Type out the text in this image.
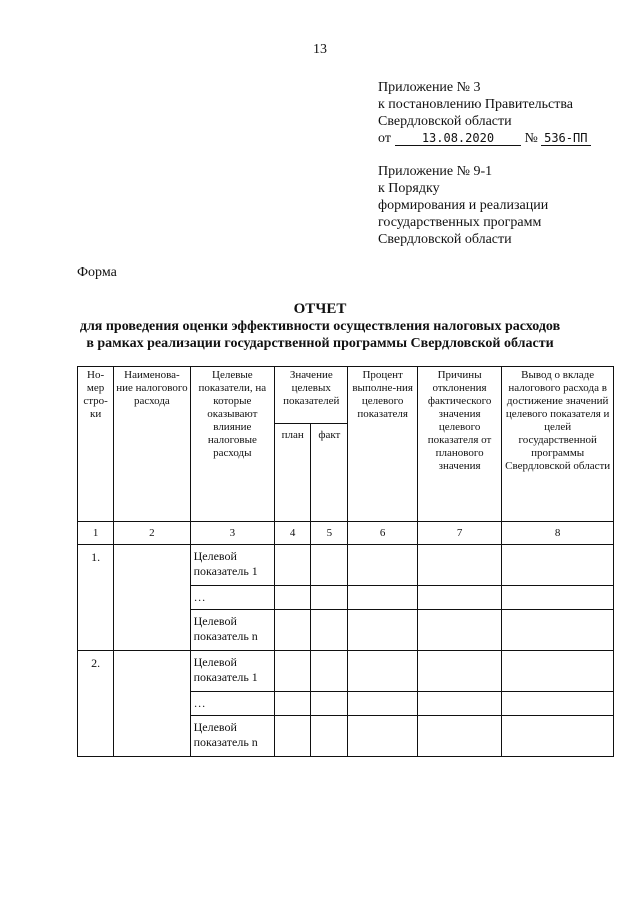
13
Приложение № 3
к постановлению Правительства
Свердловской области
от	13.08.2020 № 536-ПП
Приложение № 9-1
к Порядку
формирования и реализации
государственных программ
Свердловской области
Форма
ОТЧЕТ
для проведения оценки эффективности осуществления налоговых расходов
в рамках реализации государственной программы Свердловской области
Но-мер стро-ки	Наименова-ние налогового расхода	Целевые показатели, на которые оказывают влияние налоговые расходы	Значение целевых показателей		Процент выполне-ния целевого показателя	Причины отклонения фактического значения целевого показателя от планового значения	Вывод о вкладе налогового расхода в достижение значений целевого показателя и целей государственной программы Свердловской области
			план	факт			
1	2	3	4	5	6	7	8
1.		Целевой показатель 1					
		…					
		Целевой показатель n					
2.		Целевой показатель 1					
		…					
		Целевой показатель n					
